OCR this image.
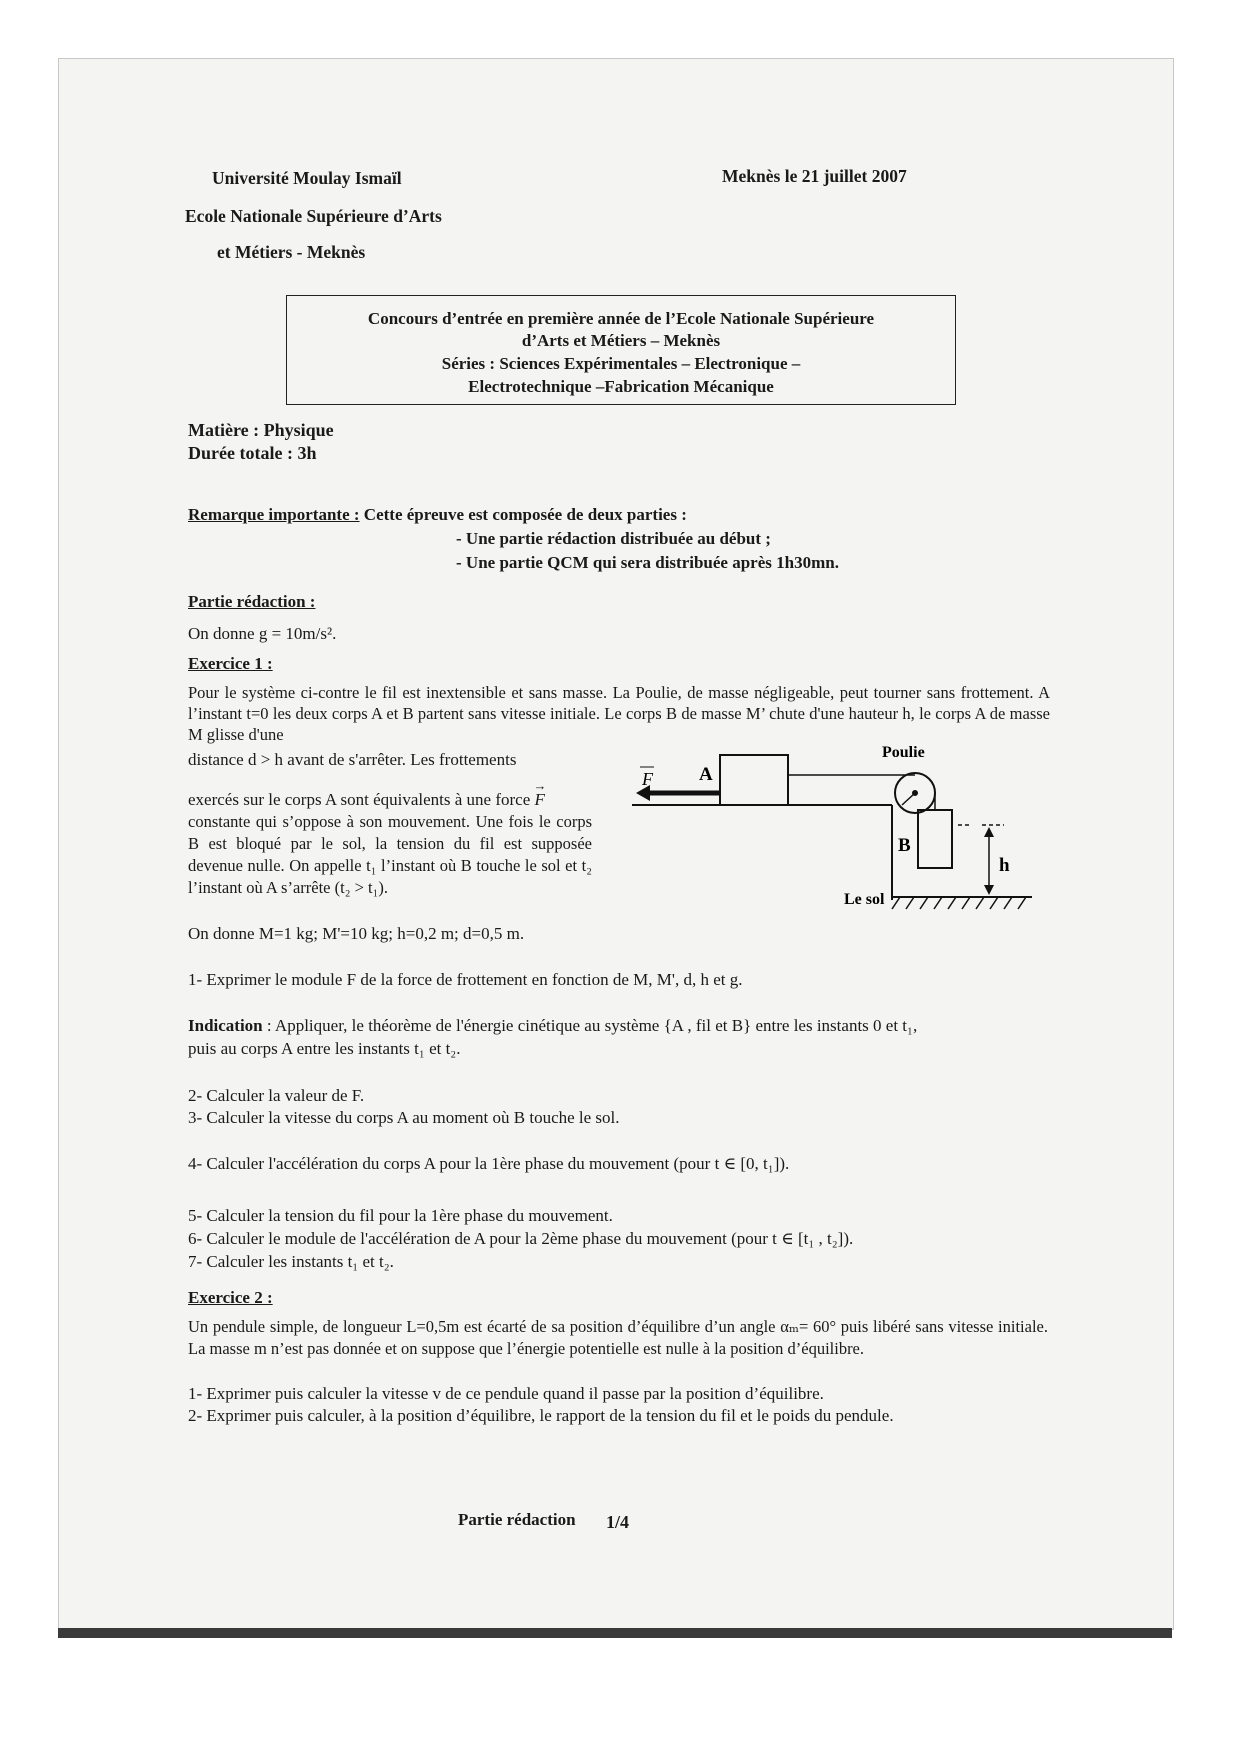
Université Moulay Ismaïl
Ecole Nationale Supérieure d’Arts
et Métiers - Meknès
Meknès le 21 juillet 2007
Concours d’entrée en première année de l’Ecole Nationale Supérieure
d’Arts et Métiers – Meknès
Séries : Sciences Expérimentales – Electronique –
Electrotechnique –Fabrication Mécanique
Matière : Physique
Durée totale : 3h
Remarque importante : Cette épreuve est composée de deux parties :
- Une partie rédaction distribuée au début ;
- Une partie QCM qui sera distribuée après 1h30mn.
Partie rédaction :
On donne g = 10m/s².
Exercice 1 :
Pour le système ci-contre le fil est inextensible et sans masse. La Poulie, de masse négligeable, peut tourner sans frottement. A l’instant t=0 les deux corps A et B partent sans vitesse initiale. Le corps B de masse M’ chute d'une hauteur h, le corps A de masse M glisse d'une
distance d > h avant de s'arrêter. Les frottements
exercés sur le corps A sont équivalents à une force → F
constante qui s’oppose à son mouvement. Une fois le corps B est bloqué par le sol, la tension du fil est supposée devenue nulle. On appelle t₁ l’instant où B touche le sol et t₂ l’instant où A s’arrête (t₂ > t₁).
F A
Poulie
B
h
Le sol
On donne M=1 kg; M'=10 kg; h=0,2 m; d=0,5 m.
1- Exprimer le module F de la force de frottement en fonction de M, M', d, h et g.
Indication : Appliquer, le théorème de l'énergie cinétique au système {A , fil et B} entre les instants 0 et t₁,
puis au corps A entre les instants t₁ et t₂.
2- Calculer la valeur de F.
3- Calculer la vitesse du corps A au moment où B touche le sol.
4- Calculer l'accélération du corps A pour la 1ère phase du mouvement (pour t ∈ [0, t₁]).
5- Calculer la tension du fil pour la 1ère phase du mouvement.
6- Calculer le module de l'accélération de A pour la 2ème phase du mouvement (pour t ∈ [t₁ , t₂]).
7- Calculer les instants t₁ et t₂.
Exercice 2 :
Un pendule simple, de longueur L=0,5m est écarté de sa position d’équilibre d’un angle αₘ= 60° puis libéré sans vitesse initiale. La masse m n’est pas donnée et on suppose que l’énergie potentielle est nulle à la position d’équilibre.
1- Exprimer puis calculer la vitesse v de ce pendule quand il passe par la position d’équilibre.
2- Exprimer puis calculer, à la position d’équilibre, le rapport de la tension du fil et le poids du pendule.
Partie rédaction 1/4
